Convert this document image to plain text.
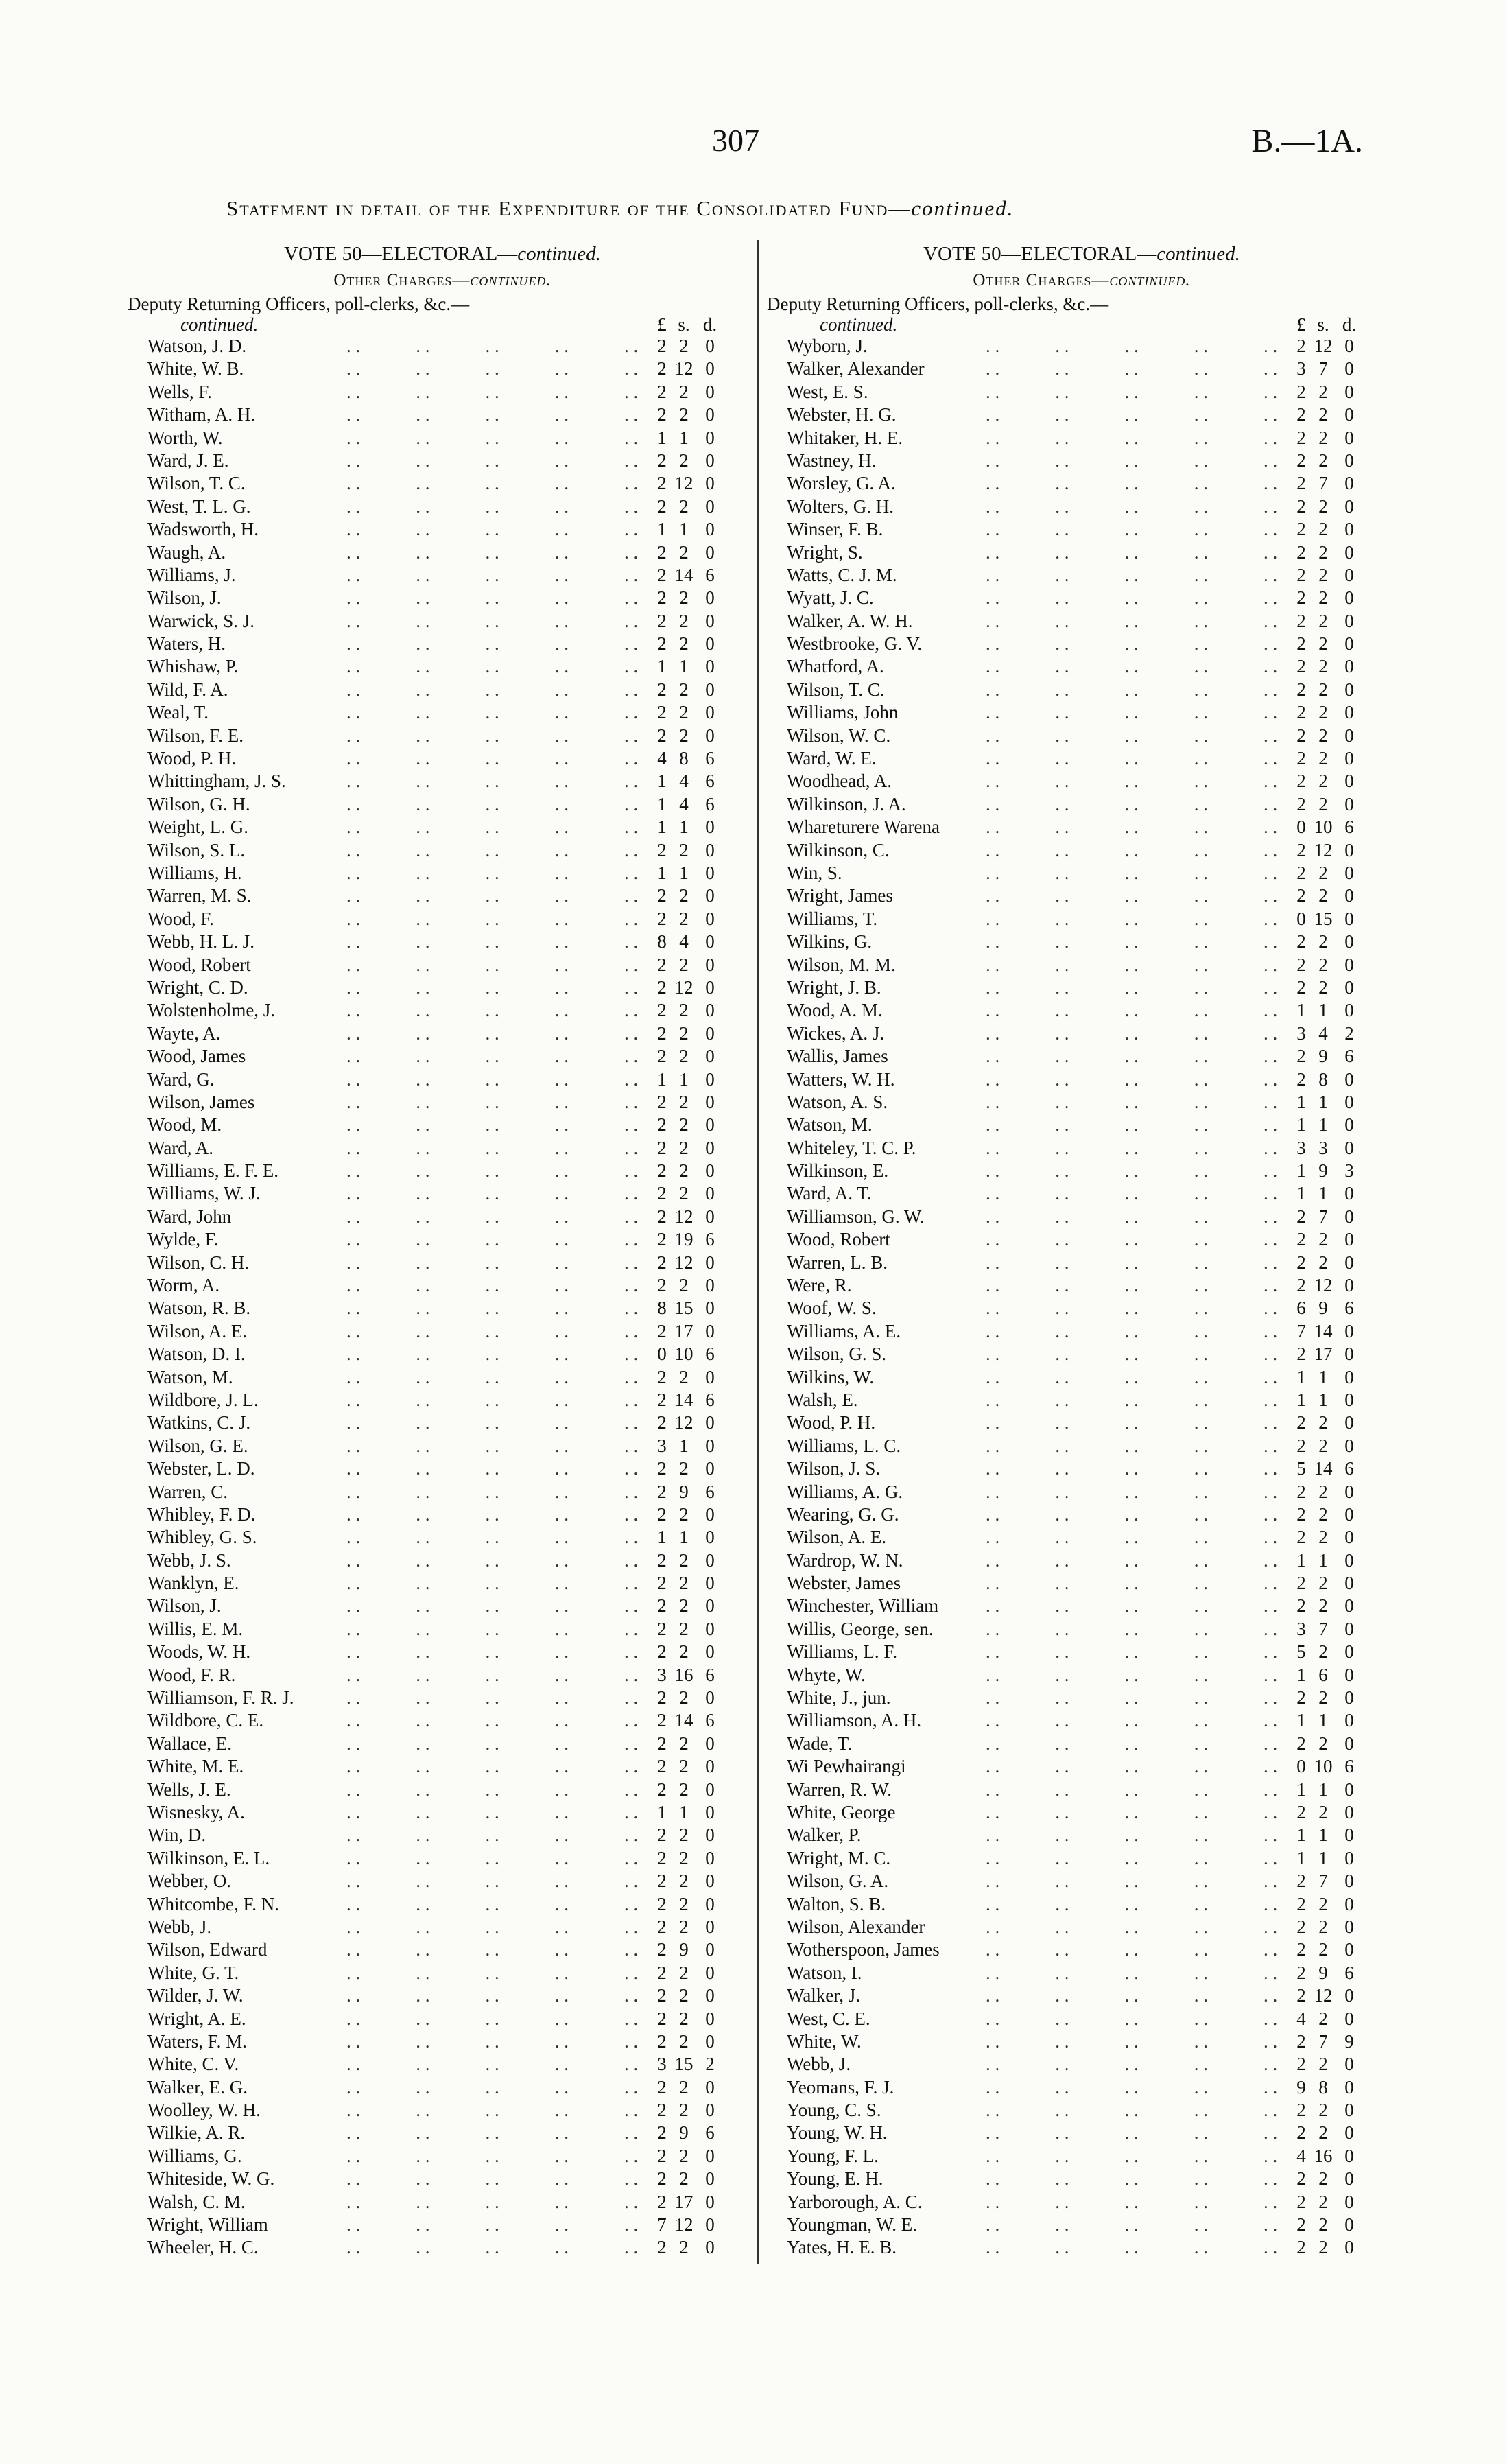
307	B.—1A.
Statement in detail of the Expenditure of the Consolidated Fund—continued.
VOTE 50—ELECTORAL—continued.
Other Charges—continued.
Deputy Returning Officers, poll-clerks, &c.—
continued.	£ s. d.
Watson, J. D.	. .   . .   . .   . .   . .	2 2 0
White, W. B.	. .   . .   . .   . .   . .	2 12 0
Wells, F.	. .   . .   . .   . .   . .	2 2 0
Witham, A. H.	. .   . .   . .   . .   . .	2 2 0
Worth, W.	. .   . .   . .   . .   . .	1 1 0
Ward, J. E.	. .   . .   . .   . .   . .	2 2 0
Wilson, T. C.	. .   . .   . .   . .   . .	2 12 0
West, T. L. G.	. .   . .   . .   . .   . .	2 2 0
Wadsworth, H.	. .   . .   . .   . .   . .	1 1 0
Waugh, A.	. .   . .   . .   . .   . .	2 2 0
Williams, J.	. .   . .   . .   . .   . .	2 14 6
Wilson, J.	. .   . .   . .   . .   . .	2 2 0
Warwick, S. J.	. .   . .   . .   . .   . .	2 2 0
Waters, H.	. .   . .   . .   . .   . .	2 2 0
Whishaw, P.	. .   . .   . .   . .   . .	1 1 0
Wild, F. A.	. .   . .   . .   . .   . .	2 2 0
Weal, T.	. .   . .   . .   . .   . .	2 2 0
Wilson, F. E.	. .   . .   . .   . .   . .	2 2 0
Wood, P. H.	. .   . .   . .   . .   . .	4 8 6
Whittingham, J. S.	. .   . .   . .   . .   . .	1 4 6
Wilson, G. H.	. .   . .   . .   . .   . .	1 4 6
Weight, L. G.	. .   . .   . .   . .   . .	1 1 0
Wilson, S. L.	. .   . .   . .   . .   . .	2 2 0
Williams, H.	. .   . .   . .   . .   . .	1 1 0
Warren, M. S.	. .   . .   . .   . .   . .	2 2 0
Wood, F.	. .   . .   . .   . .   . .	2 2 0
Webb, H. L. J.	. .   . .   . .   . .   . .	8 4 0
Wood, Robert	. .   . .   . .   . .   . .	2 2 0
Wright, C. D.	. .   . .   . .   . .   . .	2 12 0
Wolstenholme, J.	. .   . .   . .   . .   . .	2 2 0
Wayte, A.	. .   . .   . .   . .   . .	2 2 0
Wood, James	. .   . .   . .   . .   . .	2 2 0
Ward, G.	. .   . .   . .   . .   . .	1 1 0
Wilson, James	. .   . .   . .   . .   . .	2 2 0
Wood, M.	. .   . .   . .   . .   . .	2 2 0
Ward, A.	. .   . .   . .   . .   . .	2 2 0
Williams, E. F. E.	. .   . .   . .   . .   . .	2 2 0
Williams, W. J.	. .   . .   . .   . .   . .	2 2 0
Ward, John	. .   . .   . .   . .   . .	2 12 0
Wylde, F.	. .   . .   . .   . .   . .	2 19 6
Wilson, C. H.	. .   . .   . .   . .   . .	2 12 0
Worm, A.	. .   . .   . .   . .   . .	2 2 0
Watson, R. B.	. .   . .   . .   . .   . .	8 15 0
Wilson, A. E.	. .   . .   . .   . .   . .	2 17 0
Watson, D. I.	. .   . .   . .   . .   . .	0 10 6
Watson, M.	. .   . .   . .   . .   . .	2 2 0
Wildbore, J. L.	. .   . .   . .   . .   . .	2 14 6
Watkins, C. J.	. .   . .   . .   . .   . .	2 12 0
Wilson, G. E.	. .   . .   . .   . .   . .	3 1 0
Webster, L. D.	. .   . .   . .   . .   . .	2 2 0
Warren, C.	. .   . .   . .   . .   . .	2 9 6
Whibley, F. D.	. .   . .   . .   . .   . .	2 2 0
Whibley, G. S.	. .   . .   . .   . .   . .	1 1 0
Webb, J. S.	. .   . .   . .   . .   . .	2 2 0
Wanklyn, E.	. .   . .   . .   . .   . .	2 2 0
Wilson, J.	. .   . .   . .   . .   . .	2 2 0
Willis, E. M.	. .   . .   . .   . .   . .	2 2 0
Woods, W. H.	. .   . .   . .   . .   . .	2 2 0
Wood, F. R.	. .   . .   . .   . .   . .	3 16 6
Williamson, F. R. J.	. .   . .   . .   . .   . .	2 2 0
Wildbore, C. E.	. .   . .   . .   . .   . .	2 14 6
Wallace, E.	. .   . .   . .   . .   . .	2 2 0
White, M. E.	. .   . .   . .   . .   . .	2 2 0
Wells, J. E.	. .   . .   . .   . .   . .	2 2 0
Wisnesky, A.	. .   . .   . .   . .   . .	1 1 0
Win, D.	. .   . .   . .   . .   . .	2 2 0
Wilkinson, E. L.	. .   . .   . .   . .   . .	2 2 0
Webber, O.	. .   . .   . .   . .   . .	2 2 0
Whitcombe, F. N.	. .   . .   . .   . .   . .	2 2 0
Webb, J.	. .   . .   . .   . .   . .	2 2 0
Wilson, Edward	. .   . .   . .   . .   . .	2 9 0
White, G. T.	. .   . .   . .   . .   . .	2 2 0
Wilder, J. W.	. .   . .   . .   . .   . .	2 2 0
Wright, A. E.	. .   . .   . .   . .   . .	2 2 0
Waters, F. M.	. .   . .   . .   . .   . .	2 2 0
White, C. V.	. .   . .   . .   . .   . .	3 15 2
Walker, E. G.	. .   . .   . .   . .   . .	2 2 0
Woolley, W. H.	. .   . .   . .   . .   . .	2 2 0
Wilkie, A. R.	. .   . .   . .   . .   . .	2 9 6
Williams, G.	. .   . .   . .   . .   . .	2 2 0
Whiteside, W. G.	. .   . .   . .   . .   . .	2 2 0
Walsh, C. M.	. .   . .   . .   . .   . .	2 17 0
Wright, William	. .   . .   . .   . .   . .	7 12 0
Wheeler, H. C.	. .   . .   . .   . .   . .	2 2 0
VOTE 50—ELECTORAL—continued.
Other Charges—continued.
Deputy Returning Officers, poll-clerks, &c.—
continued.	£ s. d.
Wyborn, J.	. .   . .   . .   . .   . .	2 12 0
Walker, Alexander	. .   . .   . .   . .   . .	3 7 0
West, E. S.	. .   . .   . .   . .   . .	2 2 0
Webster, H. G.	. .   . .   . .   . .   . .	2 2 0
Whitaker, H. E.	. .   . .   . .   . .   . .	2 2 0
Wastney, H.	. .   . .   . .   . .   . .	2 2 0
Worsley, G. A.	. .   . .   . .   . .   . .	2 7 0
Wolters, G. H.	. .   . .   . .   . .   . .	2 2 0
Winser, F. B.	. .   . .   . .   . .   . .	2 2 0
Wright, S.	. .   . .   . .   . .   . .	2 2 0
Watts, C. J. M.	. .   . .   . .   . .   . .	2 2 0
Wyatt, J. C.	. .   . .   . .   . .   . .	2 2 0
Walker, A. W. H.	. .   . .   . .   . .   . .	2 2 0
Westbrooke, G. V.	. .   . .   . .   . .   . .	2 2 0
Whatford, A.	. .   . .   . .   . .   . .	2 2 0
Wilson, T. C.	. .   . .   . .   . .   . .	2 2 0
Williams, John	. .   . .   . .   . .   . .	2 2 0
Wilson, W. C.	. .   . .   . .   . .   . .	2 2 0
Ward, W. E.	. .   . .   . .   . .   . .	2 2 0
Woodhead, A.	. .   . .   . .   . .   . .	2 2 0
Wilkinson, J. A.	. .   . .   . .   . .   . .	2 2 0
Whareturere Warena . .   . .   . .   . .   . .	0 10 6
Wilkinson, C.	. .   . .   . .   . .   . .	2 12 0
Win, S.	. .   . .   . .   . .   . .	2 2 0
Wright, James	. .   . .   . .   . .   . .	2 2 0
Williams, T.	. .   . .   . .   . .   . .	0 15 0
Wilkins, G.	. .   . .   . .   . .   . .	2 2 0
Wilson, M. M.	. .   . .   . .   . .   . .	2 2 0
Wright, J. B.	. .   . .   . .   . .   . .	2 2 0
Wood, A. M.	. .   . .   . .   . .   . .	1 1 0
Wickes, A. J.	. .   . .   . .   . .   . .	3 4 2
Wallis, James	. .   . .   . .   . .   . .	2 9 6
Watters, W. H.	. .   . .   . .   . .   . .	2 8 0
Watson, A. S.	. .   . .   . .   . .   . .	1 1 0
Watson, M.	. .   . .   . .   . .   . .	1 1 0
Whiteley, T. C. P.	. .   . .   . .   . .   . .	3 3 0
Wilkinson, E.	. .   . .   . .   . .   . .	1 9 3
Ward, A. T.	. .   . .   . .   . .   . .	1 1 0
Williamson, G. W.	. .   . .   . .   . .   . .	2 7 0
Wood, Robert	. .   . .   . .   . .   . .	2 2 0
Warren, L. B.	. .   . .   . .   . .   . .	2 2 0
Were, R.	. .   . .   . .   . .   . .	2 12 0
Woof, W. S.	. .   . .   . .   . .   . .	6 9 6
Williams, A. E.	. .   . .   . .   . .   . .	7 14 0
Wilson, G. S.	. .   . .   . .   . .   . .	2 17 0
Wilkins, W.	. .   . .   . .   . .   . .	1 1 0
Walsh, E.	. .   . .   . .   . .   . .	1 1 0
Wood, P. H.	. .   . .   . .   . .   . .	2 2 0
Williams, L. C.	. .   . .   . .   . .   . .	2 2 0
Wilson, J. S.	. .   . .   . .   . .   . .	5 14 6
Williams, A. G.	. .   . .   . .   . .   . .	2 2 0
Wearing, G. G.	. .   . .   . .   . .   . .	2 2 0
Wilson, A. E.	. .   . .   . .   . .   . .	2 2 0
Wardrop, W. N.	. .   . .   . .   . .   . .	1 1 0
Webster, James	. .   . .   . .   . .   . .	2 2 0
Winchester, William	. .   . .   . .   . .   . .	2 2 0
Willis, George, sen.	. .   . .   . .   . .   . .	3 7 0
Williams, L. F.	. .   . .   . .   . .   . .	5 2 0
Whyte, W.	. .   . .   . .   . .   . .	1 6 0
White, J., jun.	. .   . .   . .   . .   . .	2 2 0
Williamson, A. H.	. .   . .   . .   . .   . .	1 1 0
Wade, T.	. .   . .   . .   . .   . .	2 2 0
Wi Pewhairangi	. .   . .   . .   . .   . .	0 10 6
Warren, R. W.	. .   . .   . .   . .   . .	1 1 0
White, George	. .   . .   . .   . .   . .	2 2 0
Walker, P.	. .   . .   . .   . .   . .	1 1 0
Wright, M. C.	. .   . .   . .   . .   . .	1 1 0
Wilson, G. A.	. .   . .   . .   . .   . .	2 7 0
Walton, S. B.	. .   . .   . .   . .   . .	2 2 0
Wilson, Alexander	. .   . .   . .   . .   . .	2 2 0
Wotherspoon, James . .   . .   . .   . .   . .	2 2 0
Watson, I.	. .   . .   . .   . .   . .	2 9 6
Walker, J.	. .   . .   . .   . .   . .	2 12 0
West, C. E.	. .   . .   . .   . .   . .	4 2 0
White, W.	. .   . .   . .   . .   . .	2 7 9
Webb, J.	. .   . .   . .   . .   . .	2 2 0
Yeomans, F. J.	. .   . .   . .   . .   . .	9 8 0
Young, C. S.	. .   . .   . .   . .   . .	2 2 0
Young, W. H.	. .   . .   . .   . .   . .	2 2 0
Young, F. L.	. .   . .   . .   . .   . .	4 16 0
Young, E. H.	. .   . .   . .   . .   . .	2 2 0
Yarborough, A. C.	. .   . .   . .   . .   . .	2 2 0
Youngman, W. E.	. .   . .   . .   . .   . .	2 2 0
Yates, H. E. B.	. .   . .   . .   . .   . .	2 2 0
